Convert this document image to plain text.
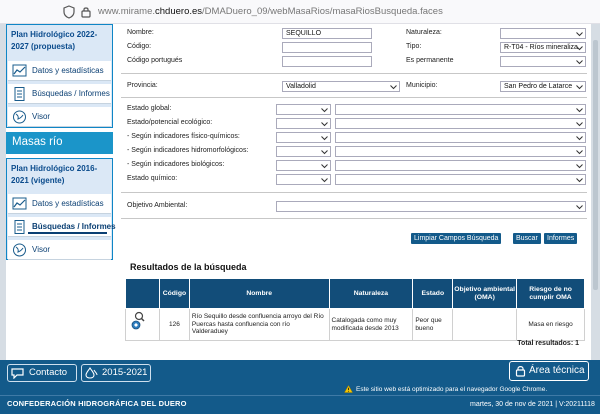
www.mirame.chduero.es/DMADuero_09/webMasaRios/masaRiosBusqueda.faces
Plan Hidrológico 2022-2027 (propuesta)
Datos y estadísticas
Búsquedas / Informes
Visor
Masas río
Plan Hidrológico 2016-2021 (vigente)
Datos y estadísticas
Búsquedas / Informes
Visor
Nombre:	SEQUILLO	Naturaleza:
Código:	Tipo:	R-T04 - Ríos mineraliza
Código portugués	Es permanente
Provincia:	Valladolid	Municipio:	San Pedro de Latarce
Estado global:
Estado/potencial ecológico:
- Según indicadores físico-químicos:
- Según indicadores hidromorfológicos:
- Según indicadores biológicos:
Estado químico:
Objetivo Ambiental:
Limpiar Campos Búsqueda	Buscar	Informes
Resultados de la búsqueda
	Código	Nombre	Naturaleza	Estado	Objetivo ambiental (OMA)	Riesgo de no cumplir OMA
	126	Río Sequillo desde confluencia arroyo del Río Puercas hasta confluencia con río Valderaduey	Catalogada como muy modificada desde 2013	Peor que bueno		Masa en riesgo
Total resultados: 1
Contacto	2015-2021	Área técnica
Este sitio web está optimizado para el navegador Google Chrome.
CONFEDERACIÓN HIDROGRÁFICA DEL DUERO	martes, 30 de nov de 2021 | V:20211118
